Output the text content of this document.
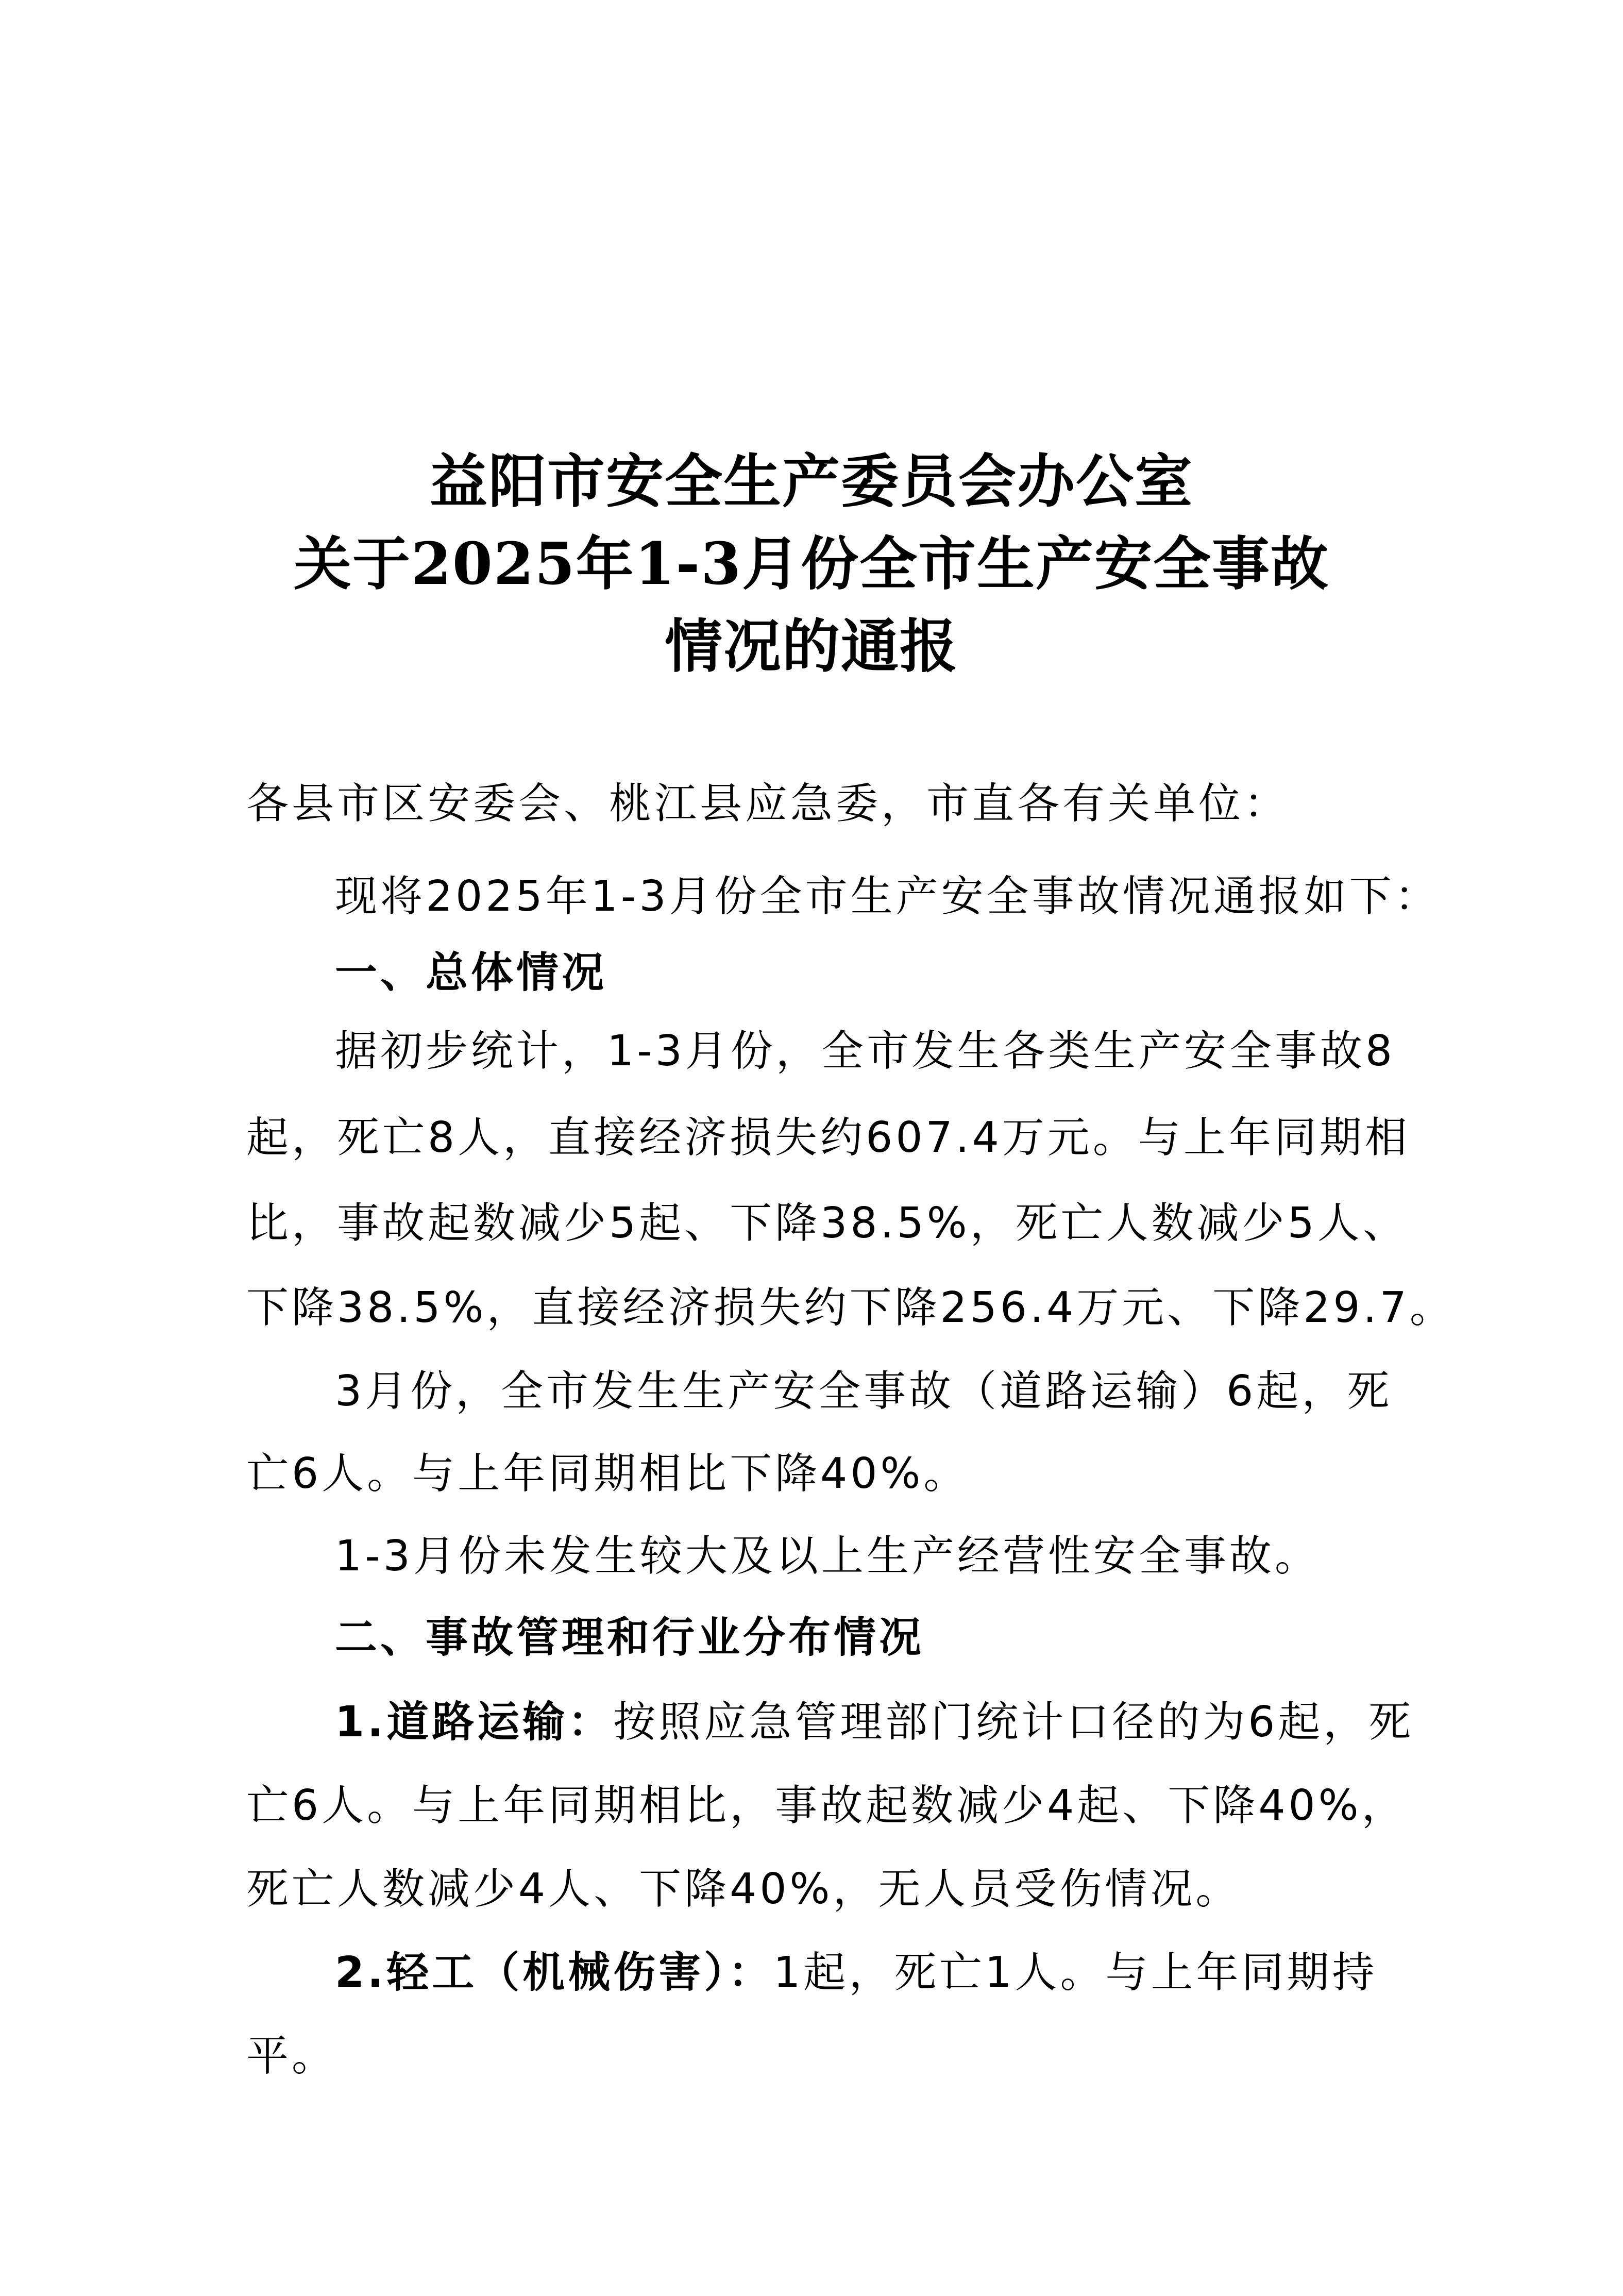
益阳市安全生产委员会办公室
关于2025年1-3月份全市生产安全事故
情况的通报
各县市区安委会、桃江县应急委，市直各有关单位：
现将2025年1-3月份全市生产安全事故情况通报如下：
一、总体情况
据初步统计，1-3月份，全市发生各类生产安全事故8
起，死亡8人，直接经济损失约607.4万元。与上年同期相
比，事故起数减少5起、下降38.5%，死亡人数减少5人、
下降38.5%，直接经济损失约下降256.4万元、下降29.7。
3月份，全市发生生产安全事故（道路运输）6起，死
亡6人。与上年同期相比下降40%。
1-3月份未发生较大及以上生产经营性安全事故。
二、事故管理和行业分布情况
1.道路运输：按照应急管理部门统计口径的为6起，死
亡6人。与上年同期相比，事故起数减少4起、下降40%，
死亡人数减少4人、下降40%，无人员受伤情况。
2.轻工（机械伤害）：1起，死亡1人。与上年同期持
平。
